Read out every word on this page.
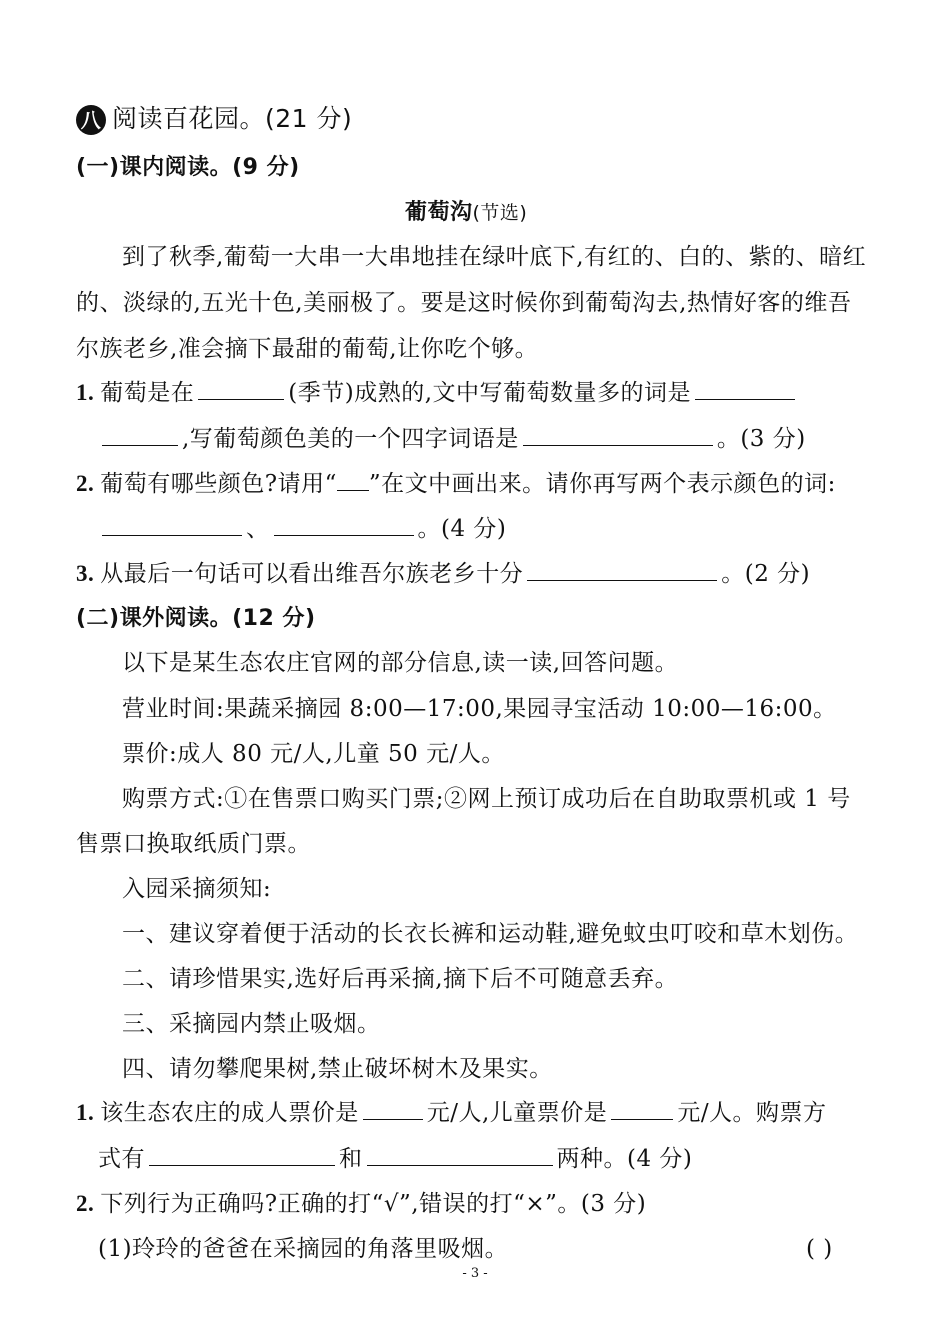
八 阅读百花园。(21 分)
(一)课内阅读。(9 分)
葡萄沟(节选)
到了秋季,葡萄一大串一大串地挂在绿叶底下,有红的、白的、紫的、暗红
的、淡绿的,五光十色,美丽极了。要是这时候你到葡萄沟去,热情好客的维吾
尔族老乡,准会摘下最甜的葡萄,让你吃个够。
1. 葡萄是在	(季节)成熟的,文中写葡萄数量多的词是
,写葡萄颜色美的一个四字词语是	。(3 分)
2. 葡萄有哪些颜色?请用“ ”在文中画出来。请你再写两个表示颜色的词:
、	。(4 分)
3. 从最后一句话可以看出维吾尔族老乡十分	。(2 分)
(二)课外阅读。(12 分)
以下是某生态农庄官网的部分信息,读一读,回答问题。
营业时间:果蔬采摘园 8:00—17:00,果园寻宝活动 10:00—16:00。
票价:成人 80 元/人,儿童 50 元/人。
购票方式:①在售票口购买门票;②网上预订成功后在自助取票机或 1 号
售票口换取纸质门票。
入园采摘须知:
一、建议穿着便于活动的长衣长裤和运动鞋,避免蚊虫叮咬和草木划伤。
二、请珍惜果实,选好后再采摘,摘下后不可随意丢弃。
三、采摘园内禁止吸烟。
四、请勿攀爬果树,禁止破坏树木及果实。
1. 该生态农庄的成人票价是	元/人,儿童票价是	元/人。购票方
式有	和	两种。(4 分)
2. 下列行为正确吗?正确的打“√”,错误的打“×”。(3 分)
(1)玲玲的爸爸在采摘园的角落里吸烟。	( )
- 3 -
